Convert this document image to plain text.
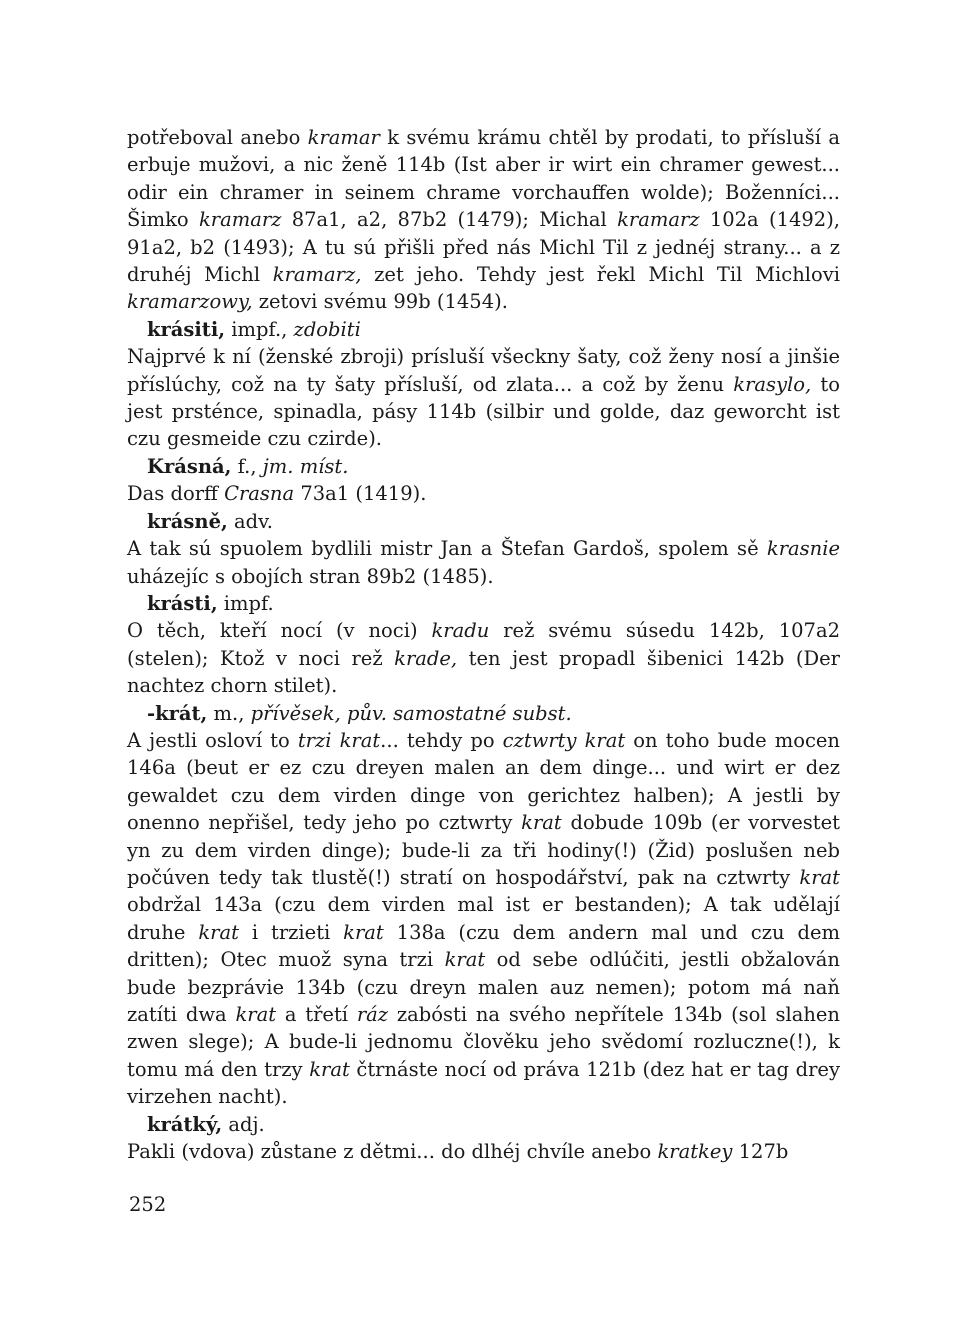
potřeboval anebo kramar k svému krámu chtěl by prodati, to přísluší a erbuje mužovi, a nic ženě 114b (Ist aber ir wirt ein chramer gewest... odir ein chramer in seinem chrame vorchauffen wolde); Boženníci... Šimko kramarz 87a1, a2, 87b2 (1479); Michal kramarz 102a (1492), 91a2, b2 (1493); A tu sú přišli před nás Michl Til z jednéj strany... a z druhéj Michl kramarz, zet jeho. Tehdy jest řekl Michl Til Michlovi kramarzowy, zetovi svému 99b (1454).
krásiti, impf., zdobiti
Najprvé k ní (ženské zbroji) prísluší všeckny šaty, což ženy nosí a jinšie příslúchy, což na ty šaty přísluší, od zlata... a což by ženu krasylo, to jest prsténce, spinadla, pásy 114b (silbir und golde, daz geworcht ist czu gesmeide czu czirde).
Krásná, f., jm. míst.
Das dorff Crasna 73a1 (1419).
krásně, adv.
A tak sú spuolem bydlili mistr Jan a Štefan Gardoš, spolem sě krasnie uházejíc s obojích stran 89b2 (1485).
krásti, impf.
O těch, kteří nocí (v noci) kradu rež svému súsedu 142b, 107a2 (stelen); Ktož v noci rež krade, ten jest propadl šibenici 142b (Der nachtez chorn stilet).
-krát, m., přívěsek, pův. samostatné subst.
A jestli osloví to trzi krat... tehdy po cztwrty krat on toho bude mocen 146a (beut er ez czu dreyen malen an dem dinge... und wirt er dez gewaldet czu dem virden dinge von gerichtez halben); A jestli by onenno nepřišel, tedy jeho po cztwrty krat dobude 109b (er vorvestet yn zu dem virden dinge); bude-li za tři hodiny(!) (Žid) poslušen neb počúven tedy tak tlustě(!) stratí on hospodářství, pak na cztwrty krat obdržal 143a (czu dem virden mal ist er bestanden); A tak udělají druhe krat i trzieti krat 138a (czu dem andern mal und czu dem dritten); Otec muož syna trzi krat od sebe odlúčiti, jestli obžalován bude bezprávie 134b (czu dreyn malen auz nemen); potom má naň zatíti dwa krat a třetí ráz zabósti na svého nepřítele 134b (sol slahen zwen slege); A bude-li jednomu člověku jeho svědomí rozluczne(!), k tomu má den trzy krat čtrnáste nocí od práva 121b (dez hat er tag drey virzehen nacht).
krátký, adj.
Pakli (vdova) zůstane z dětmi... do dlhéj chvíle anebo kratkey 127b
252
